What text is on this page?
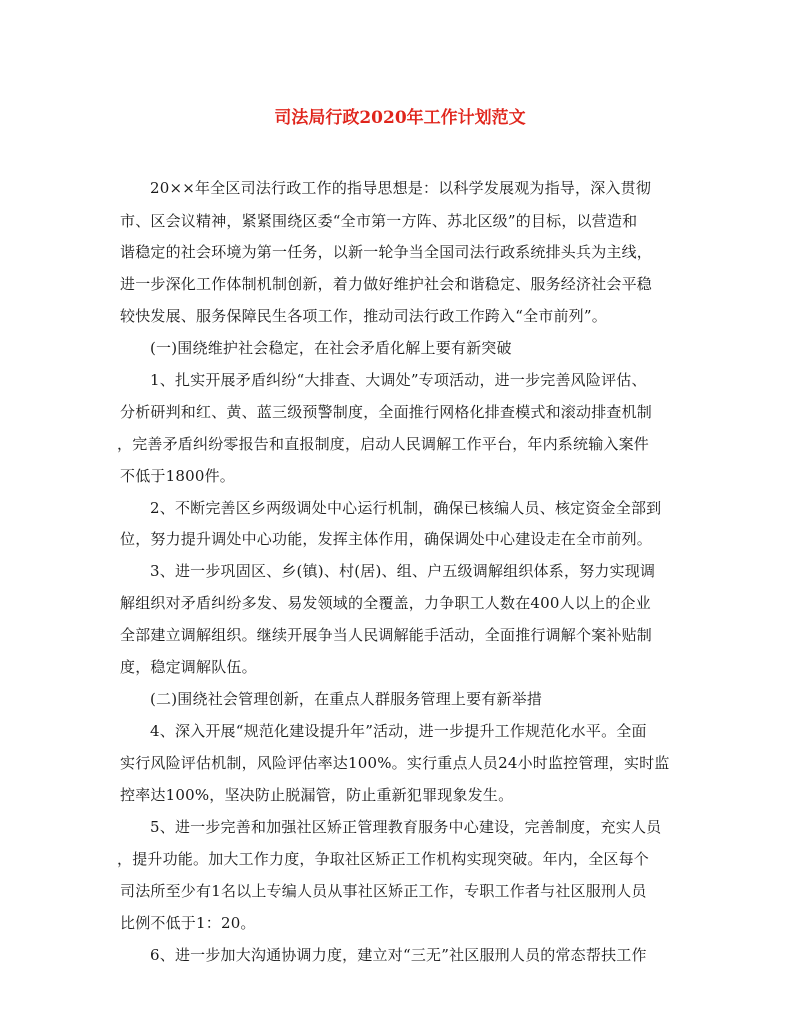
司法局行政2020年工作计划范文
20××年全区司法行政工作的指导思想是：以科学发展观为指导，深入贯彻
市、区会议精神，紧紧围绕区委“全市第一方阵、苏北区级”的目标，以营造和
谐稳定的社会环境为第一任务，以新一轮争当全国司法行政系统排头兵为主线，
进一步深化工作体制机制创新，着力做好维护社会和谐稳定、服务经济社会平稳
较快发展、服务保障民生各项工作，推动司法行政工作跨入“全市前列”。
(一)围绕维护社会稳定，在社会矛盾化解上要有新突破
1、扎实开展矛盾纠纷“大排查、大调处”专项活动，进一步完善风险评估、
分析研判和红、黄、蓝三级预警制度，全面推行网格化排查模式和滚动排查机制
，完善矛盾纠纷零报告和直报制度，启动人民调解工作平台，年内系统输入案件
不低于1800件。
2、不断完善区乡两级调处中心运行机制，确保已核编人员、核定资金全部到
位，努力提升调处中心功能，发挥主体作用，确保调处中心建设走在全市前列。
3、进一步巩固区、乡(镇)、村(居)、组、户五级调解组织体系，努力实现调
解组织对矛盾纠纷多发、易发领域的全覆盖，力争职工人数在400人以上的企业
全部建立调解组织。继续开展争当人民调解能手活动，全面推行调解个案补贴制
度，稳定调解队伍。
(二)围绕社会管理创新，在重点人群服务管理上要有新举措
4、深入开展“规范化建设提升年”活动，进一步提升工作规范化水平。全面
实行风险评估机制，风险评估率达100%。实行重点人员24小时监控管理，实时监
控率达100%，坚决防止脱漏管，防止重新犯罪现象发生。
5、进一步完善和加强社区矫正管理教育服务中心建设，完善制度，充实人员
，提升功能。加大工作力度，争取社区矫正工作机构实现突破。年内，全区每个
司法所至少有1名以上专编人员从事社区矫正工作，专职工作者与社区服刑人员
比例不低于1：20。
6、进一步加大沟通协调力度，建立对“三无”社区服刑人员的常态帮扶工作
